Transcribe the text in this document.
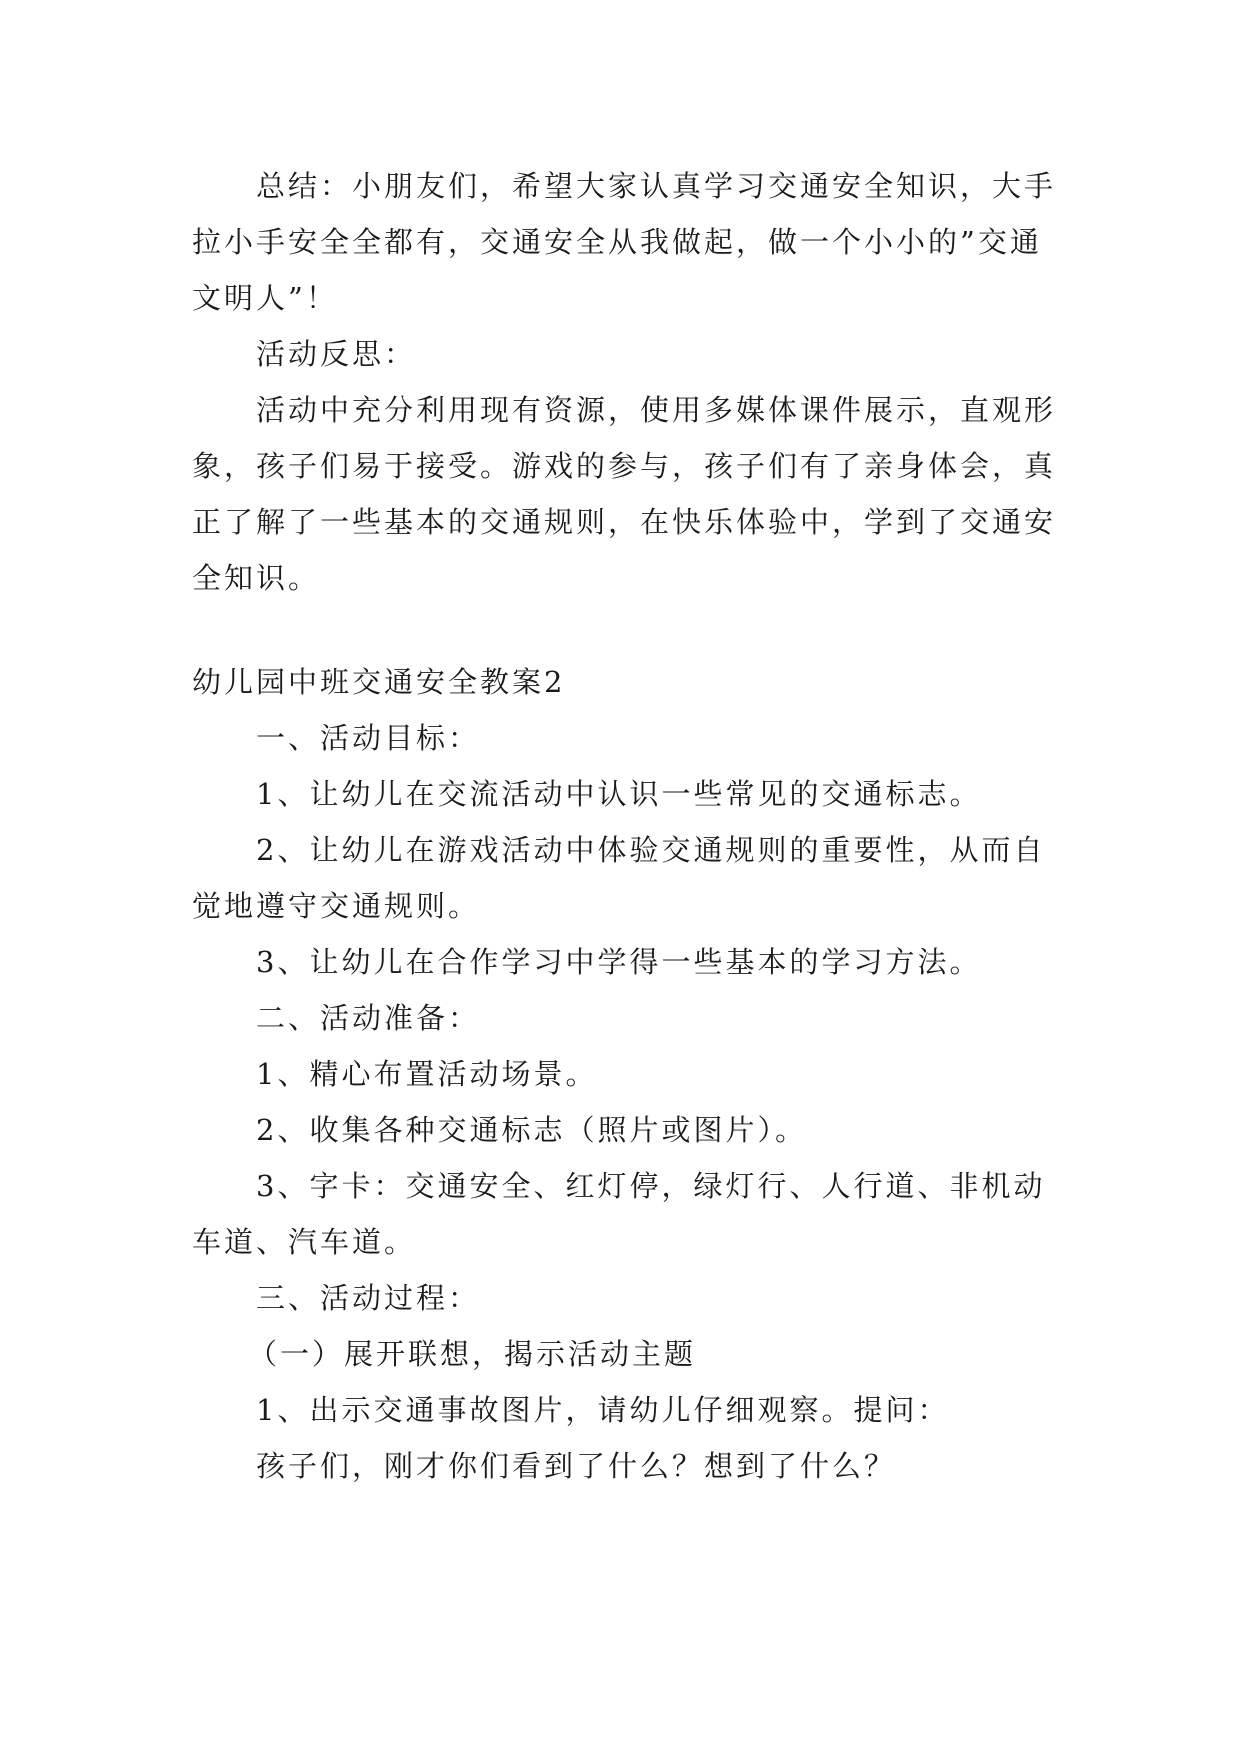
总结：小朋友们，希望大家认真学习交通安全知识，大手拉小手安全全都有，交通安全从我做起，做一个小小的”交通文明人”！

活动反思：

活动中充分利用现有资源，使用多媒体课件展示，直观形象，孩子们易于接受。游戏的参与，孩子们有了亲身体会，真正了解了一些基本的交通规则，在快乐体验中，学到了交通安全知识。

幼儿园中班交通安全教案2

一、活动目标：

1、让幼儿在交流活动中认识一些常见的交通标志。

2、让幼儿在游戏活动中体验交通规则的重要性，从而自觉地遵守交通规则。

3、让幼儿在合作学习中学得一些基本的学习方法。

二、活动准备：

1、精心布置活动场景。

2、收集各种交通标志（照片或图片）。

3、字卡：交通安全、红灯停，绿灯行、人行道、非机动车道、汽车道。

三、活动过程：

（一）展开联想，揭示活动主题

1、出示交通事故图片，请幼儿仔细观察。提问：

孩子们，刚才你们看到了什么？想到了什么？
